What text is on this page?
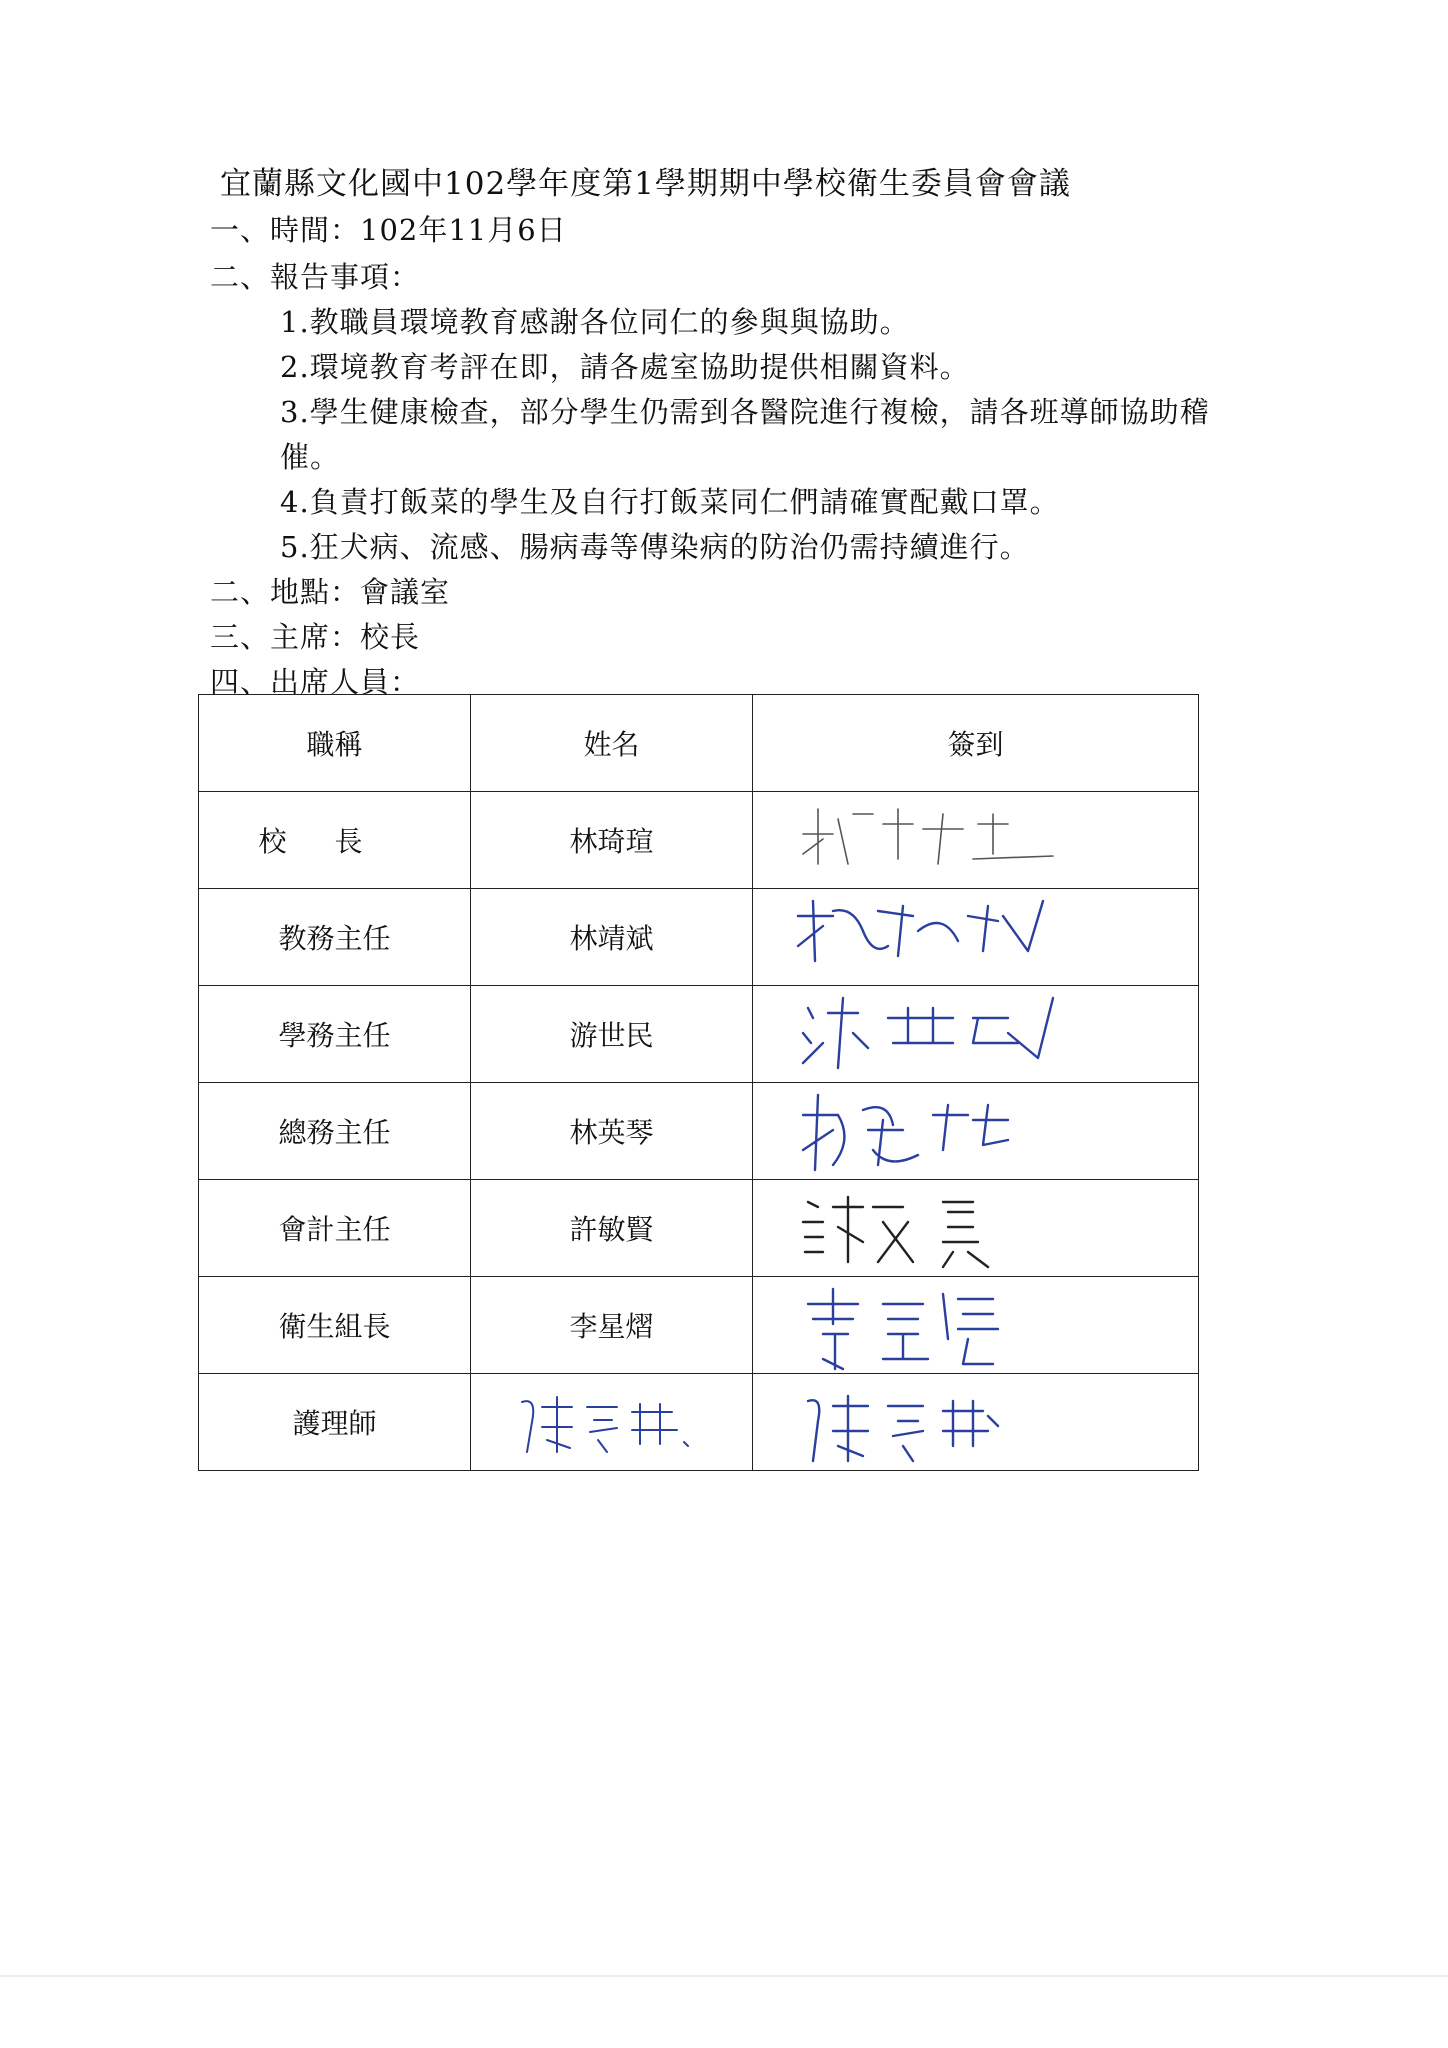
宜蘭縣文化國中102學年度第1學期期中學校衛生委員會會議
一、時間：102年11月6日
二、報告事項：
1.教職員環境教育感謝各位同仁的參與與協助。
2.環境教育考評在即，請各處室協助提供相關資料。
3.學生健康檢查，部分學生仍需到各醫院進行複檢，請各班導師協助稽催。
4.負責打飯菜的學生及自行打飯菜同仁們請確實配戴口罩。
5.狂犬病、流感、腸病毒等傳染病的防治仍需持續進行。
二、地點：會議室
三、主席：校長
四、出席人員：
職稱	姓名	簽到
校長	林琦瑄	

教務主任	林靖斌	

學務主任	游世民	

總務主任	林英琴	

會計主任	許敏賢	

衛生組長	李星熠	

護理師	
